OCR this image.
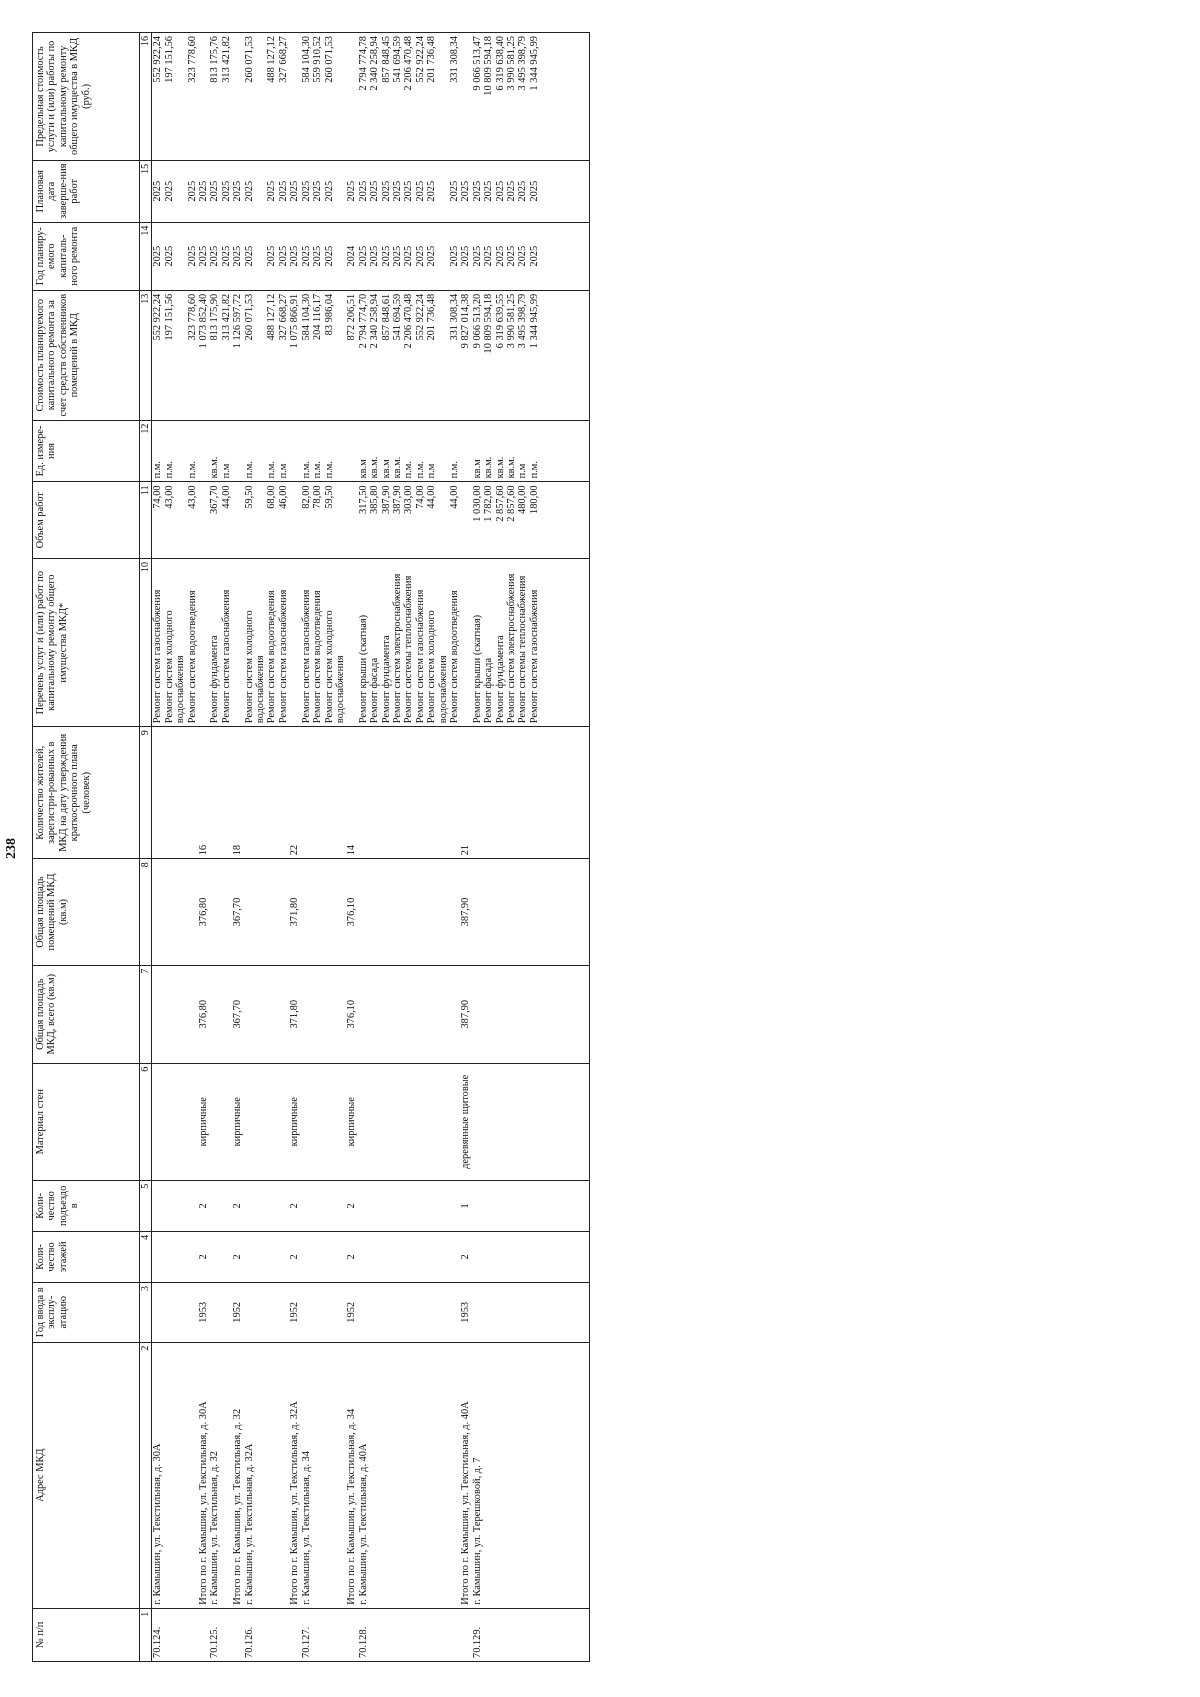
238
№ п/п	Адрес МКД	Год ввода в эксплу-атацию	Коли-чество этажей	Коли-чество подъездо в	Материал стен	Общая площадь МКД, всего (кв.м)	Общая площадь помещений МКД (кв.м)	Количество жителей, зарегистри-рованных в МКД на дату утверждения краткосрочного плана (человек)	Перечень услуг и (или) работ по капитальному ремонту общего имущества МКД*	Объем работ	Ед. измере-ния	Стоимость планируемого капитального ремонта за счет средств собственников помещений в МКД	Год планиру-емого капиталь-ного ремонта	Плановая дата заверше-ния работ	Предельная стоимость услуги и (или) работы по капитальному ремонту общего имущества в МКД (руб.)
1	2	3	4	5	6	7	8	9	10	11	12	13	14	15	16
70.124.	г. Камышин, ул. Текстильная, д. 30А								Ремонт систем газоснабжения	74,00	п.м.	552 922,24	2025	2025	552 922,24
									Ремонт систем холодного водоснабжения	43,00	п.м.	197 151,56	2025	2025	197 151,56
									Ремонт систем водоотведения	43,00	п.м.	323 778,60	2025	2025	323 778,60
	Итого по г. Камышин, ул. Текстильная, д. 30А	1953	2	2	кирпичные	376,80	376,80	16				1 073 852,40	2025	2025	
70.125.	г. Камышин, ул. Текстильная, д. 32								Ремонт фундамента	367,70	кв.м.	813 175,90	2025	2025	813 175,76
									Ремонт систем газоснабжения	44,00	п.м	313 421,82	2025	2025	313 421,82
	Итого по г. Камышин, ул. Текстильная, д. 32	1952	2	2	кирпичные	367,70	367,70	18				1 126 597,72	2025	2025	
70.126.	г. Камышин, ул. Текстильная, д. 32А								Ремонт систем холодного водоснабжения	59,50	п.м.	260 071,53	2025	2025	260 071,53
									Ремонт систем водоотведения	68,00	п.м.	488 127,12	2025	2025	488 127,12
									Ремонт систем газоснабжения	46,00	п.м	327 668,27	2025	2025	327 668,27
	Итого по г. Камышин, ул. Текстильная, д. 32А	1952	2	2	кирпичные	371,80	371,80	22				1 075 866,91	2025	2025	
70.127.	г. Камышин, ул. Текстильная, д. 34								Ремонт систем газоснабжения	82,00	п.м.	584 104,30	2025	2025	584 104,30
									Ремонт систем водоотведения	78,00	п.м.	204 116,17	2025	2025	559 910,52
									Ремонт систем холодного водоснабжения	59,50	п.м.	83 986,04	2025	2025	260 071,53
	Итого по г. Камышин, ул. Текстильная, д. 34	1952	2	2	кирпичные	376,10	376,10	14				872 206,51	2024	2025	
70.128.	г. Камышин, ул. Текстильная, д. 40А								Ремонт крыши (скатная)	317,50	кв.м	2 794 774,70	2025	2025	2 794 774,78
									Ремонт фасада	385,80	кв.м.	2 340 258,94	2025	2025	2 340 258,94
									Ремонт фундамента	387,90	кв.м	857 848,61	2025	2025	857 848,45
									Ремонт систем электроснабжения	387,90	кв.м.	541 694,59	2025	2025	541 694,59
									Ремонт системы теплоснабжения	303,00	п.м.	2 206 470,48	2025	2025	2 206 470,48
									Ремонт систем газоснабжения	74,00	п.м.	552 922,24	2025	2025	552 922,24
									Ремонт систем холодного водоснабжения	44,00	п.м	201 736,48	2025	2025	201 736,48
									Ремонт систем водоотведения	44,00	п.м.	331 308,34	2025	2025	331 308,34
	Итого по г. Камышин, ул. Текстильная, д. 40А	1953	2	1	деревянные щитовые	387,90	387,90	21				9 827 014,38	2025	2025	
70.129.	г. Камышин, ул. Терешковой, д. 7								Ремонт крыши (скатная)	1 030,00	кв.м	9 066 513,20	2025	2025	9 066 513,47
									Ремонт фасада	1 782,00	кв.м.	10 809 594,18	2025	2025	10 809 594,18
									Ремонт фундамента	2 857,60	кв.м.	6 319 639,55	2025	2025	6 319 638,40
									Ремонт систем электроснабжения	2 857,60	кв.м.	3 990 581,25	2025	2025	3 990 581,25
									Ремонт системы теплоснабжения	480,00	п.м	3 495 398,79	2025	2025	3 495 398,79
									Ремонт систем газоснабжения	180,00	п.м.	1 344 945,99	2025	2025	1 344 945,99
